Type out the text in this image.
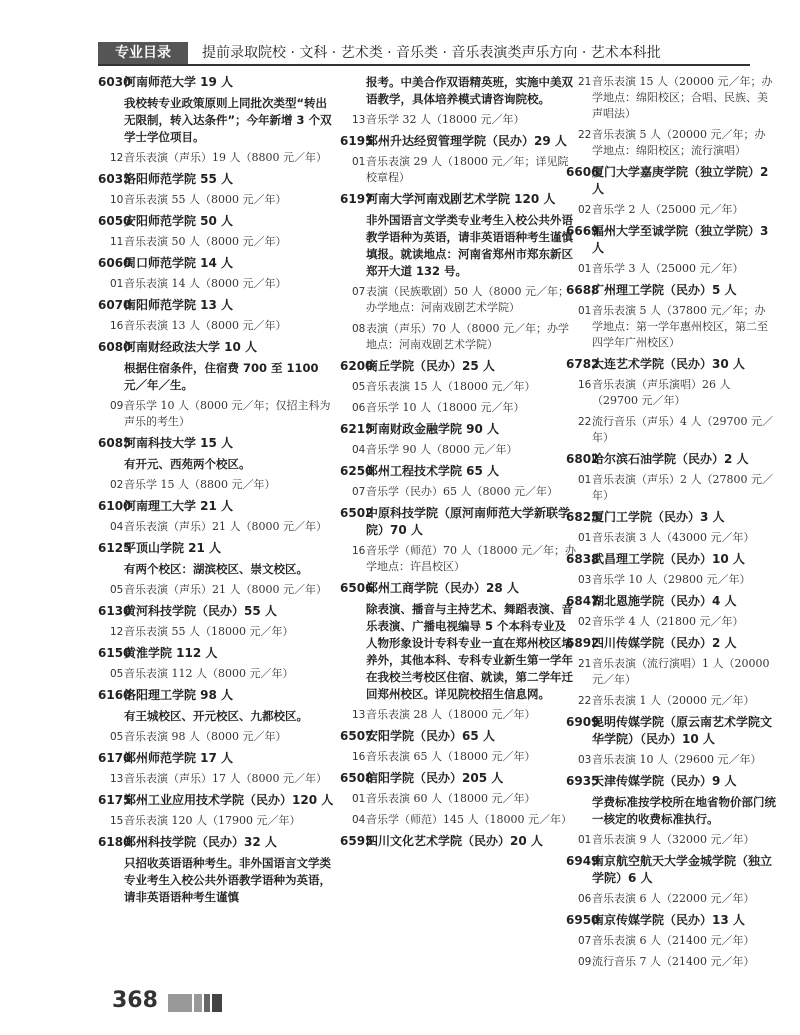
专业目录	提前录取院校 · 文科 · 艺术类 · 音乐类 · 音乐表演类声乐方向 · 艺术本科批
6030
河南师范大学 19 人
我校转专业政策原则上同批次类型“转出无限制，转入达条件”；今年新增 3 个双学士学位项目。
12 音乐表演（声乐）19 人（8800 元／年）
6035
洛阳师范学院 55 人
10 音乐表演 55 人（8000 元／年）
6050
安阳师范学院 50 人
11 音乐表演 50 人（8000 元／年）
6060
周口师范学院 14 人
01 音乐表演 14 人（8000 元／年）
6070
南阳师范学院 13 人
16 音乐表演 13 人（8000 元／年）
6080
河南财经政法大学 10 人
根据住宿条件，住宿费 700 至 1100 元／年／生。
09 音乐学 10 人（8000 元／年；仅招主科为声乐的考生）
6085
河南科技大学 15 人
有开元、西苑两个校区。
02 音乐学 15 人（8800 元／年）
6100
河南理工大学 21 人
04 音乐表演（声乐）21 人（8000 元／年）
6125
平顶山学院 21 人
有两个校区：湖滨校区、崇文校区。
05 音乐表演（声乐）21 人（8000 元／年）
6130
黄河科技学院（民办）55 人
12 音乐表演 55 人（18000 元／年）
6150
黄淮学院 112 人
05 音乐表演 112 人（8000 元／年）
6160
洛阳理工学院 98 人
有王城校区、开元校区、九都校区。
05 音乐表演 98 人（8000 元／年）
6170
郑州师范学院 17 人
13 音乐表演（声乐）17 人（8000 元／年）
6175
郑州工业应用技术学院（民办）120 人
15 音乐表演 120 人（17900 元／年）
6180
郑州科技学院（民办）32 人
只招收英语语种考生。非外国语言文学类专业考生入校公共外语教学语种为英语，请非英语语种考生谨慎
报考。中美合作双语精英班，实施中美双语教学，具体培养模式请咨询院校。
13 音乐学 32 人（18000 元／年）
6195
郑州升达经贸管理学院（民办）29 人
01 音乐表演 29 人（18000 元／年；详见院校章程）
6197
河南大学河南戏剧艺术学院 120 人
非外国语言文学类专业考生入校公共外语教学语种为英语，请非英语语种考生谨慎填报。就读地点：河南省郑州市郑东新区郑开大道 132 号。
07 表演（民族歌剧）50 人（8000 元／年；办学地点：河南戏剧艺术学院）
08 表演（声乐）70 人（8000 元／年；办学地点：河南戏剧艺术学院）
6200
商丘学院（民办）25 人
05 音乐表演 15 人（18000 元／年）
06 音乐学 10 人（18000 元／年）
6215
河南财政金融学院 90 人
04 音乐学 90 人（8000 元／年）
6250
郑州工程技术学院 65 人
07 音乐学（民办）65 人（8000 元／年）
6502
中原科技学院（原河南师范大学新联学院）70 人
16 音乐学（师范）70 人（18000 元／年；办学地点：许昌校区）
6506
郑州工商学院（民办）28 人
除表演、播音与主持艺术、舞蹈表演、音乐表演、广播电视编导 5 个本科专业及人物形象设计专科专业一直在郑州校区培养外，其他本科、专科专业新生第一学年在我校兰考校区住宿、就读，第二学年迁回郑州校区。详见院校招生信息网。
13 音乐表演 28 人（18000 元／年）
6507
安阳学院（民办）65 人
16 音乐表演 65 人（18000 元／年）
6508
信阳学院（民办）205 人
01 音乐表演 60 人（18000 元／年）
04 音乐学（师范）145 人（18000 元／年）
6595
四川文化艺术学院（民办）20 人
21 音乐表演 15 人（20000 元／年；办学地点：绵阳校区；合唱、民族、美声唱法）
22 音乐表演 5 人（20000 元／年；办学地点：绵阳校区；流行演唱）
6606
厦门大学嘉庚学院（独立学院）2 人
02 音乐学 2 人（25000 元／年）
6669
福州大学至诚学院（独立学院）3 人
01 音乐学 3 人（25000 元／年）
6688
广州理工学院（民办）5 人
01 音乐表演 5 人（37800 元／年；办学地点：第一学年惠州校区，第二至四学年广州校区）
6782
大连艺术学院（民办）30 人
16 音乐表演（声乐演唱）26 人（29700 元／年）
22 流行音乐（声乐）4 人（29700 元／年）
6802
哈尔滨石油学院（民办）2 人
01 音乐表演（声乐）2 人（27800 元／年）
6825
厦门工学院（民办）3 人
01 音乐表演 3 人（43000 元／年）
6838
武昌理工学院（民办）10 人
03 音乐学 10 人（29800 元／年）
6847
湖北恩施学院（民办）4 人
02 音乐学 4 人（21800 元／年）
6892
四川传媒学院（民办）2 人
21 音乐表演（流行演唱）1 人（20000 元／年）
22 音乐表演 1 人（20000 元／年）
6909
昆明传媒学院（原云南艺术学院文华学院）（民办）10 人
03 音乐表演 10 人（29600 元／年）
6935
天津传媒学院（民办）9 人
学费标准按学校所在地省物价部门统一核定的收费标准执行。
01 音乐表演 9 人（32000 元／年）
6949
南京航空航天大学金城学院（独立学院）6 人
06 音乐表演 6 人（22000 元／年）
6950
南京传媒学院（民办）13 人
07 音乐表演 6 人（21400 元／年）
09 流行音乐 7 人（21400 元／年）
368
